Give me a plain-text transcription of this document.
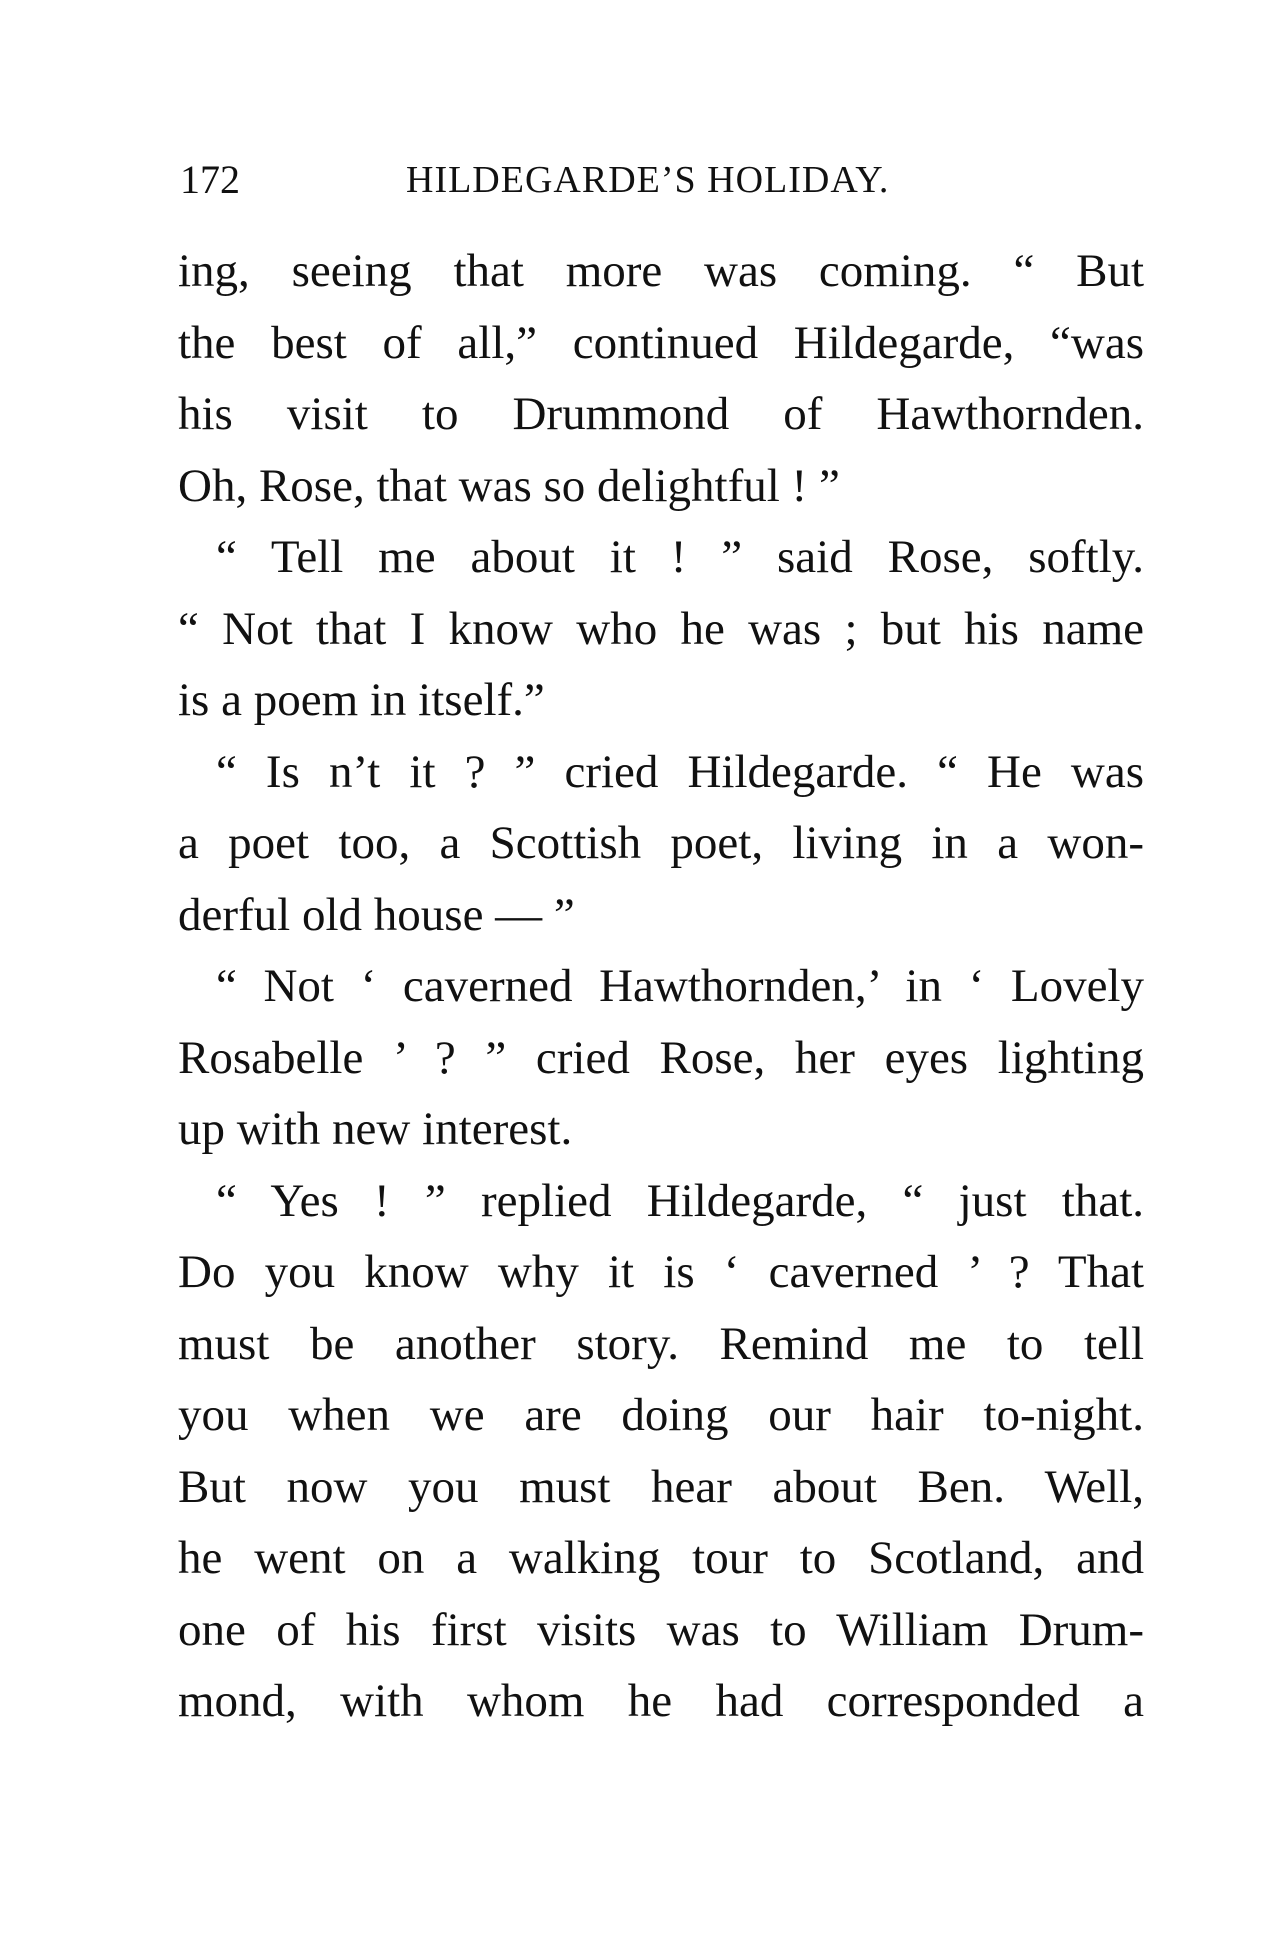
172	HILDEGARDE’S HOLIDAY.
ing, seeing that more was coming. “ But
the best of all,” continued Hildegarde, “was
his visit to Drummond of Hawthornden.
Oh, Rose, that was so delightful ! ”
“ Tell me about it ! ” said Rose, softly.
“ Not that I know who he was ; but his name
is a poem in itself.”
“ Is n’t it ? ” cried Hildegarde. “ He was
a poet too, a Scottish poet, living in a won-
derful old house — ”
“ Not ‘ caverned Hawthornden,’ in ‘ Lovely
Rosabelle ’ ? ” cried Rose, her eyes lighting
up with new interest.
“ Yes ! ” replied Hildegarde, “ just that.
Do you know why it is ‘ caverned ’ ? That
must be another story. Remind me to tell
you when we are doing our hair to-night.
But now you must hear about Ben. Well,
he went on a walking tour to Scotland, and
one of his first visits was to William Drum-
mond, with whom he had corresponded a
